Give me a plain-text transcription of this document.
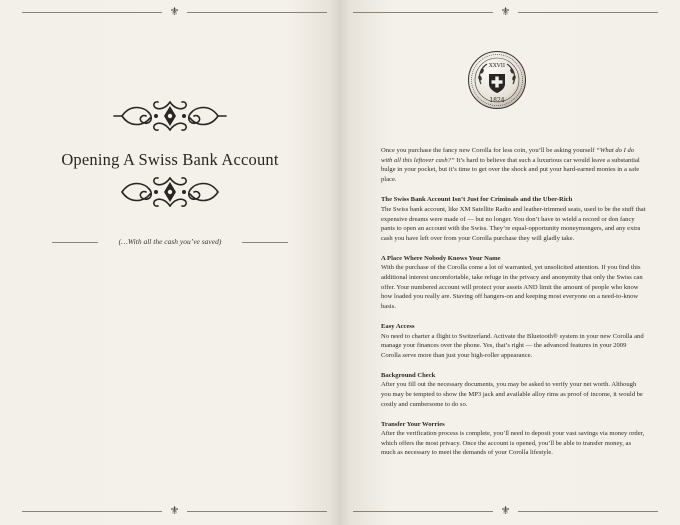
⚜
Opening A Swiss Bank Account
(…With all the cash you’ve saved)
⚜
⚜
XXVII
1824

Once you purchase the fancy new Corolla for less coin, you’ll be asking yourself “What do I do with all this leftover cash?” It’s hard to believe that such a luxurious car would leave a substantial bulge in your pocket, but it’s time to get over the shock and put your hard-earned monies in a safe place.

The Swiss Bank Account Isn’t Just for Criminals and the Uber-Rich
The Swiss bank account, like XM Satellite Radio and leather-trimmed seats, used to be the stuff that expensive dreams were made of — but no longer. You don’t have to wield a record or don fancy pants to open an account with the Swiss. They’re equal-opportunity moneymongers, and any extra cash you have left over from your Corolla purchase they will gladly take.
A Place Where Nobody Knows Your Name
With the purchase of the Corolla come a lot of warranted, yet unsolicited attention. If you find this additional interest uncomfortable, take refuge in the privacy and anonymity that only the Swiss can offer. Your numbered account will protect your assets AND limit the amount of people who know how loaded you really are. Staving off hangers-on and keeping most everyone on a need-to-know basis.
Easy Access
No need to charter a flight to Switzerland. Activate the Bluetooth® system in your new Corolla and manage your finances over the phone. Yes, that’s right — the advanced features in your 2009 Corolla serve more than just your high-roller appearance.
Background Check
After you fill out the necessary documents, you may be asked to verify your net worth. Although you may be tempted to show the MP3 jack and available alloy rims as proof of income, it would be costly and cumbersome to do so.
Transfer Your Worries
After the verification process is complete, you’ll need to deposit your vast savings via money order, which offers the most privacy. Once the account is opened, you’ll be able to transfer money, as much as necessary to meet the demands of your Corolla lifestyle.
⚜
